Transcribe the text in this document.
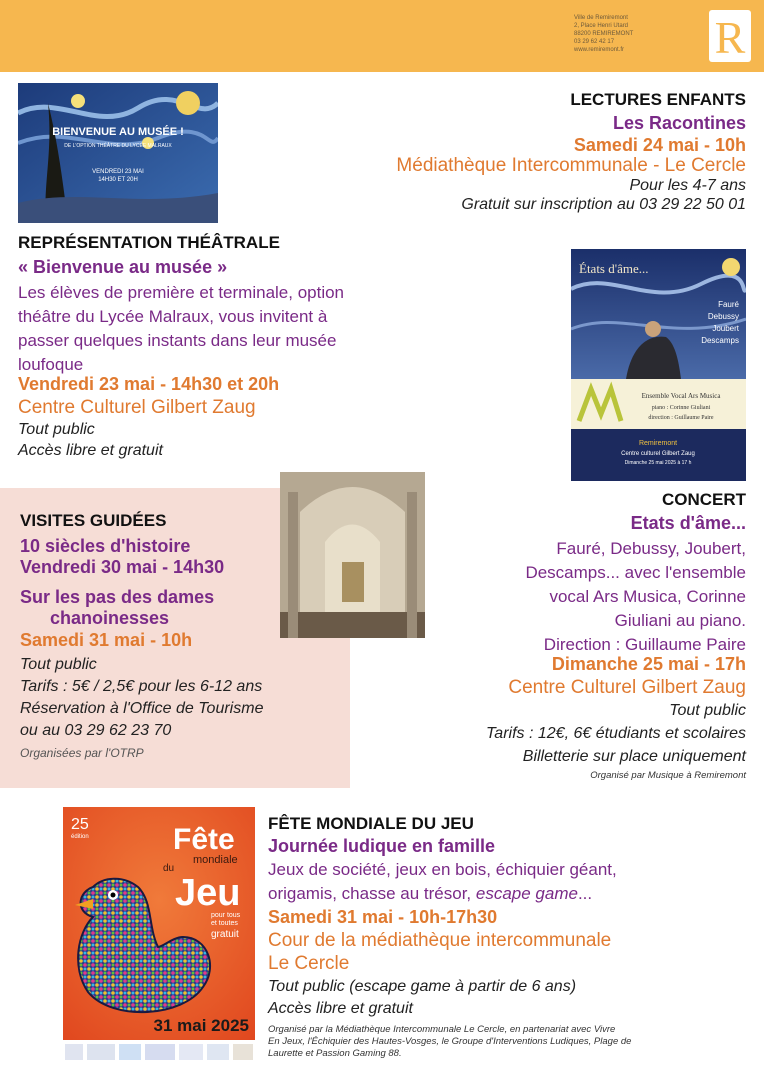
Ville de Remiremont
2, Place Henri Utard
88200 REMIREMONT
03 29 62 42 17
www.remiremont.fr	R
BIENVENUE AU MUSÉE !
DE L'OPTION THÉÂTRE DU LYCÉE MALRAUX
VENDREDI 23 MAI
14H30 ET 20H
LECTURES ENFANTS
Les Racontines
Samedi 24 mai - 10h
Médiathèque Intercommunale - Le Cercle
Pour les 4-7 ans
Gratuit sur inscription au 03 29 22 50 01
REPRÉSENTATION THÉÂTRALE
« Bienvenue au musée »
Les élèves de première et terminale, option
théâtre du Lycée Malraux, vous invitent à
passer quelques instants dans leur musée
loufoque
Vendredi 23 mai - 14h30 et 20h
Centre Culturel Gilbert Zaug
Tout public
Accès libre et gratuit
États d'âme...
Fauré
Debussy
Joubert
Descamps
Ensemble Vocal Ars Musica
piano : Corinne Giuliani
direction : Guillaume Paire
Remiremont
Centre culturel Gilbert Zaug
Dimanche 25 mai 2025 à 17 h
VISITES GUIDÉES
10 siècles d'histoire
Vendredi 30 mai - 14h30
Sur les pas des dames
chanoinesses
Samedi 31 mai - 10h
Tout public
Tarifs : 5€ / 2,5€ pour les 6-12 ans
Réservation à l'Office de Tourisme
ou au 03 29 62 23 70
Organisées par l'OTRP
CONCERT
Etats d'âme...
Fauré, Debussy, Joubert,
Descamps... avec l'ensemble
vocal Ars Musica, Corinne
Giuliani au piano.
Direction : Guillaume Paire
Dimanche 25 mai - 17h
Centre Culturel Gilbert Zaug
Tout public
Tarifs : 12€, 6€ étudiants et scolaires
Billetterie sur place uniquement
Organisé par Musique à Remiremont
25
édition	Fête
mondiale
du
Jeu
pour tous
et toutes
gratuit
31 mai 2025
FÊTE MONDIALE DU JEU
Journée ludique en famille
Jeux de société, jeux en bois, échiquier géant,
origamis, chasse au trésor, escape game...
Samedi 31 mai - 10h-17h30
Cour de la médiathèque intercommunale
Le Cercle
Tout public (escape game à partir de 6 ans)
Accès libre et gratuit
Organisé par la Médiathèque Intercommunale Le Cercle, en partenariat avec Vivre
En Jeux, l'Échiquier des Hautes-Vosges, le Groupe d'Interventions Ludiques, Plage de
Laurette et Passion Gaming 88.
